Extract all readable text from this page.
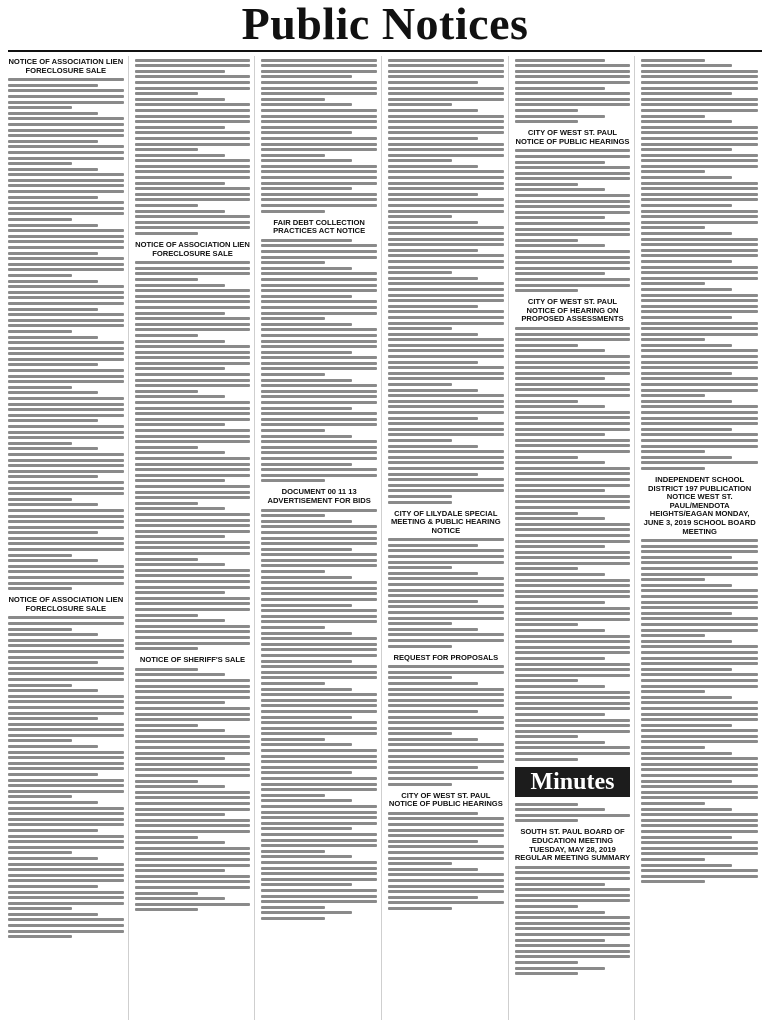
Public Notices
NOTICE OF ASSOCIATION LIEN FORECLOSURE SALE
NOTICE OF ASSOCIATION LIEN FORECLOSURE SALE
NOTICE OF ASSOCIATION LIEN FORECLOSURE SALE
NOTICE OF SHERIFF'S SALE
FAIR DEBT COLLECTION PRACTICES ACT NOTICE
DOCUMENT 00 11 13 ADVERTISEMENT FOR BIDS
CITY OF LILYDALE SPECIAL MEETING & PUBLIC HEARING NOTICE
REQUEST FOR PROPOSALS
CITY OF WEST ST. PAUL NOTICE OF PUBLIC HEARINGS
CITY OF WEST ST. PAUL NOTICE OF PUBLIC HEARINGS
CITY OF WEST ST. PAUL NOTICE OF HEARING ON PROPOSED ASSESSMENTS
Minutes
SOUTH ST. PAUL BOARD OF EDUCATION MEETING TUESDAY, MAY 28, 2019 REGULAR MEETING SUMMARY
INDEPENDENT SCHOOL DISTRICT 197 PUBLICATION NOTICE WEST ST. PAUL/MENDOTA HEIGHTS/EAGAN MONDAY, JUNE 3, 2019 SCHOOL BOARD MEETING
